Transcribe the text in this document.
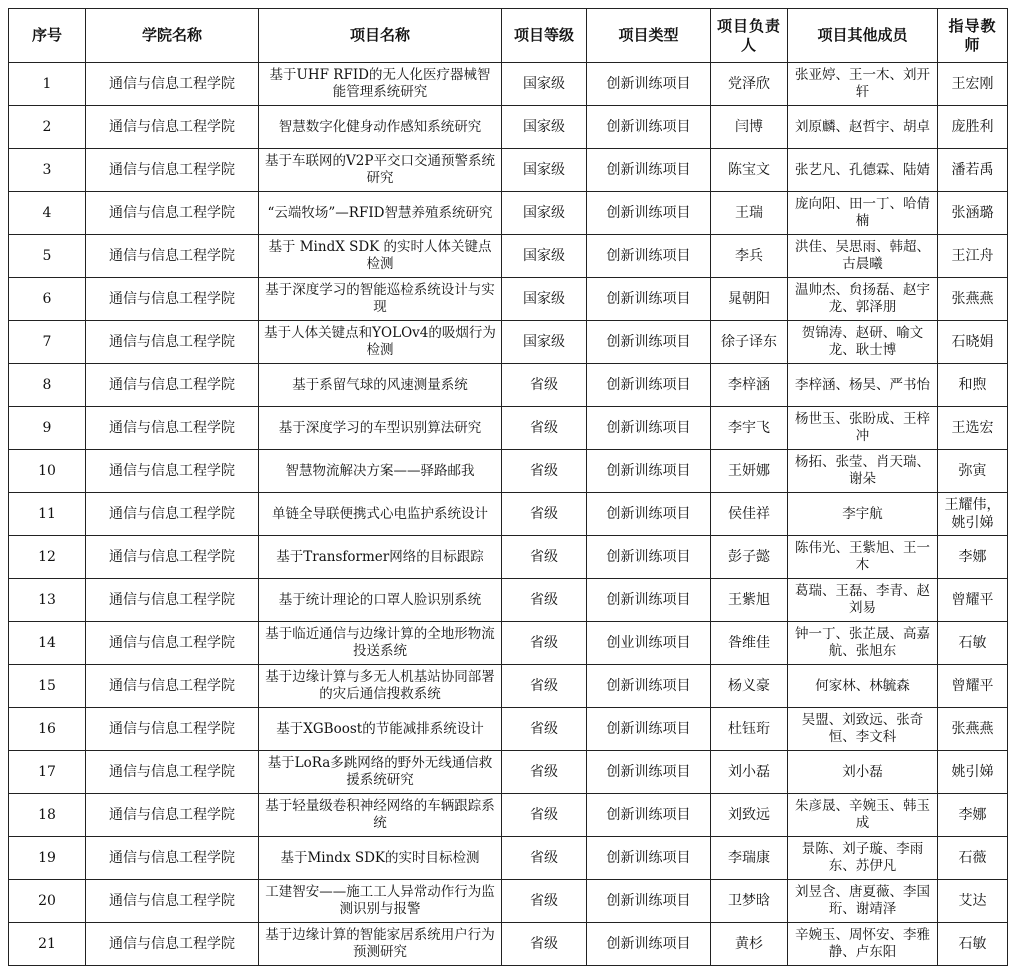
序号	学院名称	项目名称	项目等级	项目类型	项目负责人	项目其他成员	指导教师
1	通信与信息工程学院	基于UHF RFID的无人化医疗器械智能管理系统研究	国家级	创新训练项目	党泽欣	张亚婷、王一木、刘开轩	王宏刚
2	通信与信息工程学院	智慧数字化健身动作感知系统研究	国家级	创新训练项目	闫博	刘原麟、赵哲宇、胡卓	庞胜利
3	通信与信息工程学院	基于车联网的V2P平交口交通预警系统研究	国家级	创新训练项目	陈宝文	张艺凡、孔德霖、陆婧	潘若禹
4	通信与信息工程学院	“云端牧场”—RFID智慧养殖系统研究	国家级	创新训练项目	王瑞	庞向阳、田一丁、哈倩楠	张涵璐
5	通信与信息工程学院	基于 MindX SDK 的实时人体关键点检测	国家级	创新训练项目	李兵	洪佳、吴思雨、韩超、古晨曦	王江舟
6	通信与信息工程学院	基于深度学习的智能巡检系统设计与实现	国家级	创新训练项目	晁朝阳	温帅杰、贠扬磊、赵宇龙、郭泽朋	张燕燕
7	通信与信息工程学院	基于人体关键点和YOLOv4的吸烟行为检测	国家级	创新训练项目	徐子译东	贺锦涛、赵研、喻文龙、耿士博	石晓娟
8	通信与信息工程学院	基于系留气球的风速测量系统	省级	创新训练项目	李梓涵	李梓涵、杨昊、严书怡	和煦
9	通信与信息工程学院	基于深度学习的车型识别算法研究	省级	创新训练项目	李宇飞	杨世玉、张盼成、王梓冲	王选宏
10	通信与信息工程学院	智慧物流解决方案——驿路邮我	省级	创新训练项目	王妍娜	杨拓、张莹、肖天瑞、谢朵	弥寅
11	通信与信息工程学院	单链全导联便携式心电监护系统设计	省级	创新训练项目	侯佳祥	李宇航	王耀伟，姚引娣
12	通信与信息工程学院	基于Transformer网络的目标跟踪	省级	创新训练项目	彭子懿	陈伟光、王紫旭、王一木	李娜
13	通信与信息工程学院	基于统计理论的口罩人脸识别系统	省级	创新训练项目	王紫旭	葛瑞、王磊、李青、赵刘易	曾耀平
14	通信与信息工程学院	基于临近通信与边缘计算的全地形物流投送系统	省级	创业训练项目	昝维佳	钟一丁、张芷晟、高嘉航、张旭东	石敏
15	通信与信息工程学院	基于边缘计算与多无人机基站协同部署的灾后通信搜救系统	省级	创新训练项目	杨义豪	何家林、林毓森	曾耀平
16	通信与信息工程学院	基于XGBoost的节能减排系统设计	省级	创新训练项目	杜钰珩	吴盟、刘致远、张奇恒、李文科	张燕燕
17	通信与信息工程学院	基于LoRa多跳网络的野外无线通信救援系统研究	省级	创新训练项目	刘小磊	刘小磊	姚引娣
18	通信与信息工程学院	基于轻量级卷积神经网络的车辆跟踪系统	省级	创新训练项目	刘致远	朱彦晟、辛婉玉、韩玉成	李娜
19	通信与信息工程学院	基于Mindx SDK的实时目标检测	省级	创新训练项目	李瑞康	景陈、刘子璇、李雨东、苏伊凡	石薇
20	通信与信息工程学院	工建智安——施工工人异常动作行为监测识别与报警	省级	创新训练项目	卫梦晗	刘昱含、唐夏薇、李国珩、谢靖泽	艾达
21	通信与信息工程学院	基于边缘计算的智能家居系统用户行为预测研究	省级	创新训练项目	黄杉	辛婉玉、周怀安、李雅静、卢东阳	石敏
